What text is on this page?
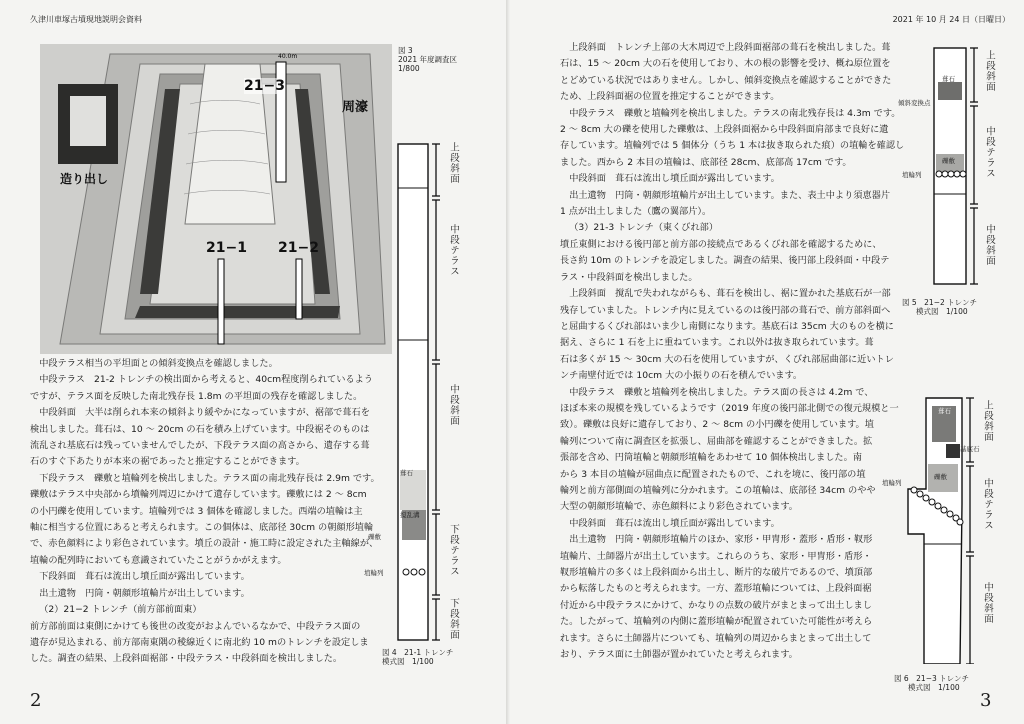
久津川車塚古墳現地説明会資料
40.0m
21−3
21−1 21−2
周濠
造り出し
図 3
2021 年度調査区
1/800
上段斜面
中段テラス
中段斜面
下段テラス
下段斜面
葺石
撹乱溝
礫敷
埴輪列
図 4　21-1 トレンチ
模式図　1/100

中段テラス相当の平坦面との傾斜変換点を確認しました。

中段テラス　21-2 トレンチの検出面から考えると、40cm程度削られているよう

ですが、テラス面を反映した南北残存長 1.8m の平坦面の残存を確認しました。

中段斜面　大半は削られ本来の傾斜より緩やかになっていますが、裾部で葺石を

検出しました。葺石は、10 〜 20cm の石を積み上げています。中段裾そのものは

流乱され基底石は残っていませんでしたが、下段テラス面の高さから、遺存する葺

石のすぐ下あたりが本来の裾であったと推定することができます。

下段テラス　礫敷と埴輪列を検出しました。テラス面の南北残存長は 2.9m です。

礫敷はテラス中央部から墳輪列周辺にかけて遺存しています。礫敷には 2 〜 8cm

の小円礫を使用しています。埴輪列では 3 個体を確認しました。西端の埴輪は主

軸に相当する位置にあると考えられます。この個体は、底部径 30cm の朝顔形埴輪

で、赤色顔料により彩色されています。墳丘の設計・施工時に設定された主軸線が、

埴輪の配列時においても意識されていたことがうかがえます。

下段斜面　葺石は流出し墳丘面が露出しています。

出土遺物　円筒・朝顔形埴輪片が出土しています。

（2）21−2 トレンチ（前方部前面東）

前方部前面は東側にかけても後世の改変がおよんでいるなかで、中段テラス面の

遺存が見込まれる、前方部南東隅の稜線近くに南北約 10 mのトレンチを設定しま

した。調査の結果、上段斜面裾部・中段テラス・中段斜面を検出しました。

2
2021 年 10 月 24 日（日曜日）

上段斜面　トレンチ上部の大木周辺で上段斜面裾部の葺石を検出しました。葺

石は、15 〜 20cm 大の石を使用しており、木の根の影響を受け、概ね原位置を

とどめている状況ではありません。しかし、傾斜変換点を確認することができた

ため、上段斜面裾の位置を推定することができます。

中段テラス　礫敷と埴輪列を検出しました。テラスの南北残存長は 4.3m です。

2 〜 8cm 大の礫を使用した礫敷は、上段斜面裾から中段斜面肩部まで良好に遺

存しています。埴輪列では 5 個体分（うち 1 本は抜き取られた痕）の埴輪を確認し

ました。西から 2 本目の埴輪は、底部径 28cm、底部高 17cm です。

中段斜面　葺石は流出し墳丘面が露出しています。

出土遺物　円筒・朝顔形埴輪片が出土しています。また、表土中より須恵器片

1 点が出土しました（鷹の翼部片）。

（3）21-3 トレンチ（東くびれ部）

墳丘東側における後円部と前方部の接続点であるくびれ部を確認するために、

長さ約 10m のトレンチを設定しました。調査の結果、後円部上段斜面・中段テ

ラス・中段斜面を検出しました。

上段斜面　撹乱で失われながらも、葺石を検出し、裾に置かれた基底石が一部

残存していました。トレンチ内に見えているのは後円部の葺石で、前方部斜面へ

と屈曲するくびれ部はいま少し南側になります。基底石は 35cm 大のものを横に

据え、さらに 1 石を上に重ねています。これ以外は抜き取られています。葺

石は多くが 15 〜 30cm 大の石を使用していますが、くびれ部屈曲部に近いトレ

ンチ南壁付近では 10cm 大の小振りの石を積んでいます。

中段テラス　礫敷と埴輪列を検出しました。テラス面の長さは 4.2m で、

ほぼ本来の規模を残しているようです（2019 年度の後円部北側での復元規模と一

致）。礫敷は良好に遺存しており、2 〜 8cm の小円礫を使用しています。埴

輪列について南に調査区を拡張し、屈曲部を確認することができました。拡

張部を含め、円筒埴輪と朝顔形埴輪をあわせて 10 個体検出しました。南

から 3 本目の埴輪が屈曲点に配置されたもので、これを境に、後円部の埴

輪列と前方部側面の埴輪列に分かれます。この埴輪は、底部径 34cm のやや

大型の朝顔形埴輪で、赤色顔料により彩色されています。

中段斜面　葺石は流出し墳丘面が露出しています。

出土遺物　円筒・朝顔形埴輪片のほか、家形・甲冑形・蓋形・盾形・靫形

埴輪片、土師器片が出土しています。これらのうち、家形・甲冑形・盾形・

靫形埴輪片の多くは上段斜面から出土し、断片的な破片であるので、墳頂部

から転落したものと考えられます。一方、蓋形埴輪については、上段斜面裾

付近から中段テラスにかけて、かなりの点数の破片がまとまって出土しまし

た。したがって、埴輪列の内側に蓋形埴輪が配置されていた可能性が考えら

れます。さらに土師器片についても、埴輪列の周辺からまとまって出土して

おり、テラス面に土師器が置かれていたと考えられます。

上段斜面
中段テラス
中段斜面
葺石
傾斜変換点
礫敷
埴輪列
図 5　21−2 トレンチ
模式図　1/100
上段斜面
中段テラス
中段斜面
葺石
基底石
埴輪列
礫敷
図 6　21−3 トレンチ
模式図　1/100
3
